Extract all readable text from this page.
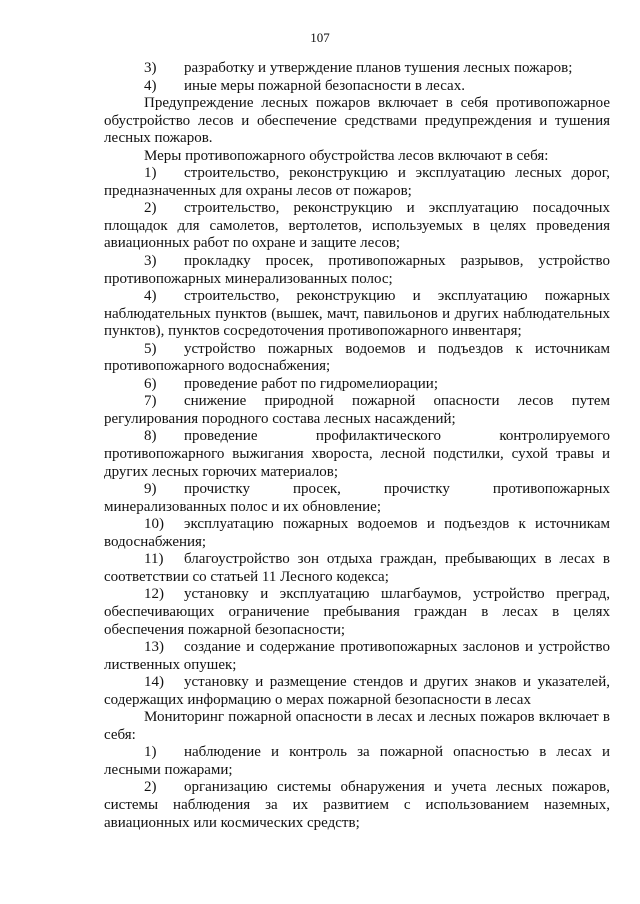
107

3) разработку и утверждение планов тушения лесных пожаров;

4) иные меры пожарной безопасности в лесах.

Предупреждение лесных пожаров включает в себя противопожарное обустройство лесов и обеспечение средствами предупреждения и тушения лесных пожаров.

Меры противопожарного обустройства лесов включают в себя:

1) строительство, реконструкцию и эксплуатацию лесных дорог, предназначенных для охраны лесов от пожаров;

2) строительство, реконструкцию и эксплуатацию посадочных площадок для самолетов, вертолетов, используемых в целях проведения авиационных работ по охране и защите лесов;

3) прокладку просек, противопожарных разрывов, устройство противопожарных минерализованных полос;

4) строительство, реконструкцию и эксплуатацию пожарных наблюдательных пунктов (вышек, мачт, павильонов и других наблюдательных пунктов), пунктов сосредоточения противопожарного инвентаря;

5) устройство пожарных водоемов и подъездов к источникам противопожарного водоснабжения;

6) проведение работ по гидромелиорации;

7) снижение природной пожарной опасности лесов путем регулирования породного состава лесных насаждений;

8) проведение профилактического контролируемого противопожарного выжигания хвороста, лесной подстилки, сухой травы и других лесных горючих материалов;

9) прочистку просек, прочистку противопожарных минерализованных полос и их обновление;

10) эксплуатацию пожарных водоемов и подъездов к источникам водоснабжения;

11) благоустройство зон отдыха граждан, пребывающих в лесах в соответствии со статьей 11 Лесного кодекса;

12) установку и эксплуатацию шлагбаумов, устройство преград, обеспечивающих ограничение пребывания граждан в лесах в целях обеспечения пожарной безопасности;

13) создание и содержание противопожарных заслонов и устройство лиственных опушек;

14) установку и размещение стендов и других знаков и указателей, содержащих информацию о мерах пожарной безопасности в лесах

Мониторинг пожарной опасности в лесах и лесных пожаров включает в себя:

1) наблюдение и контроль за пожарной опасностью в лесах и лесными пожарами;

2) организацию системы обнаружения и учета лесных пожаров, системы наблюдения за их развитием с использованием наземных, авиационных или космических средств;
